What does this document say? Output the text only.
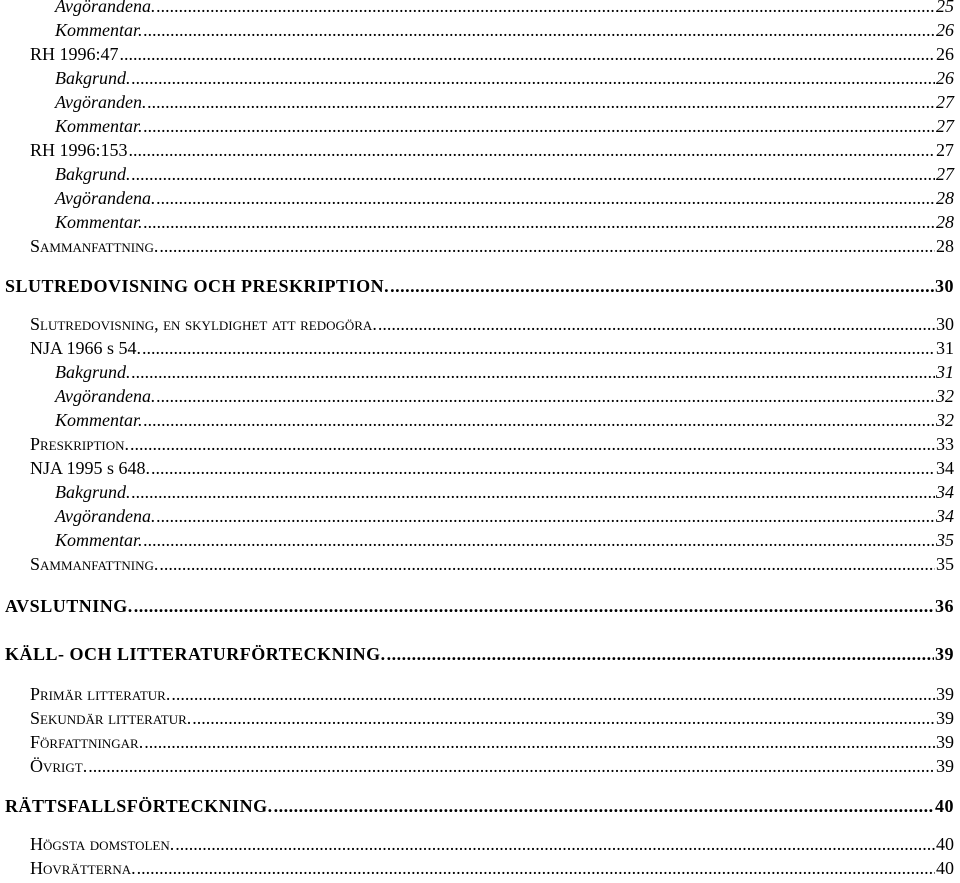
Avgörandena. .....	25
Kommentar. .....	26
RH 1996:47 .....	26
Bakgrund. .....	26
Avgöranden. .....	27
Kommentar. .....	27
RH 1996:153 .....	27
Bakgrund. .....	27
Avgörandena. .....	28
Kommentar. .....	28
Sammanfattning. .....	28
SLUTREDOVISNING OCH PRESKRIPTION. .....	30
Slutredovisning, en skyldighet att redogöra. .....	30
NJA 1966 s 54. .....	31
Bakgrund. .....	31
Avgörandena. .....	32
Kommentar. .....	32
Preskription. .....	33
NJA 1995 s 648. .....	34
Bakgrund. .....	34
Avgörandena. .....	34
Kommentar. .....	35
Sammanfattning. .....	35
AVSLUTNING. .....	36
KÄLL- OCH LITTERATURFÖRTECKNING. .....	39
Primär litteratur. .....	39
Sekundär litteratur. .....	39
Författningar. .....	39
Övrigt. .....	39
RÄTTSFALLSFÖRTECKNING. .....	40
Högsta domstolen. .....	40
Hovrätterna. .....	40
